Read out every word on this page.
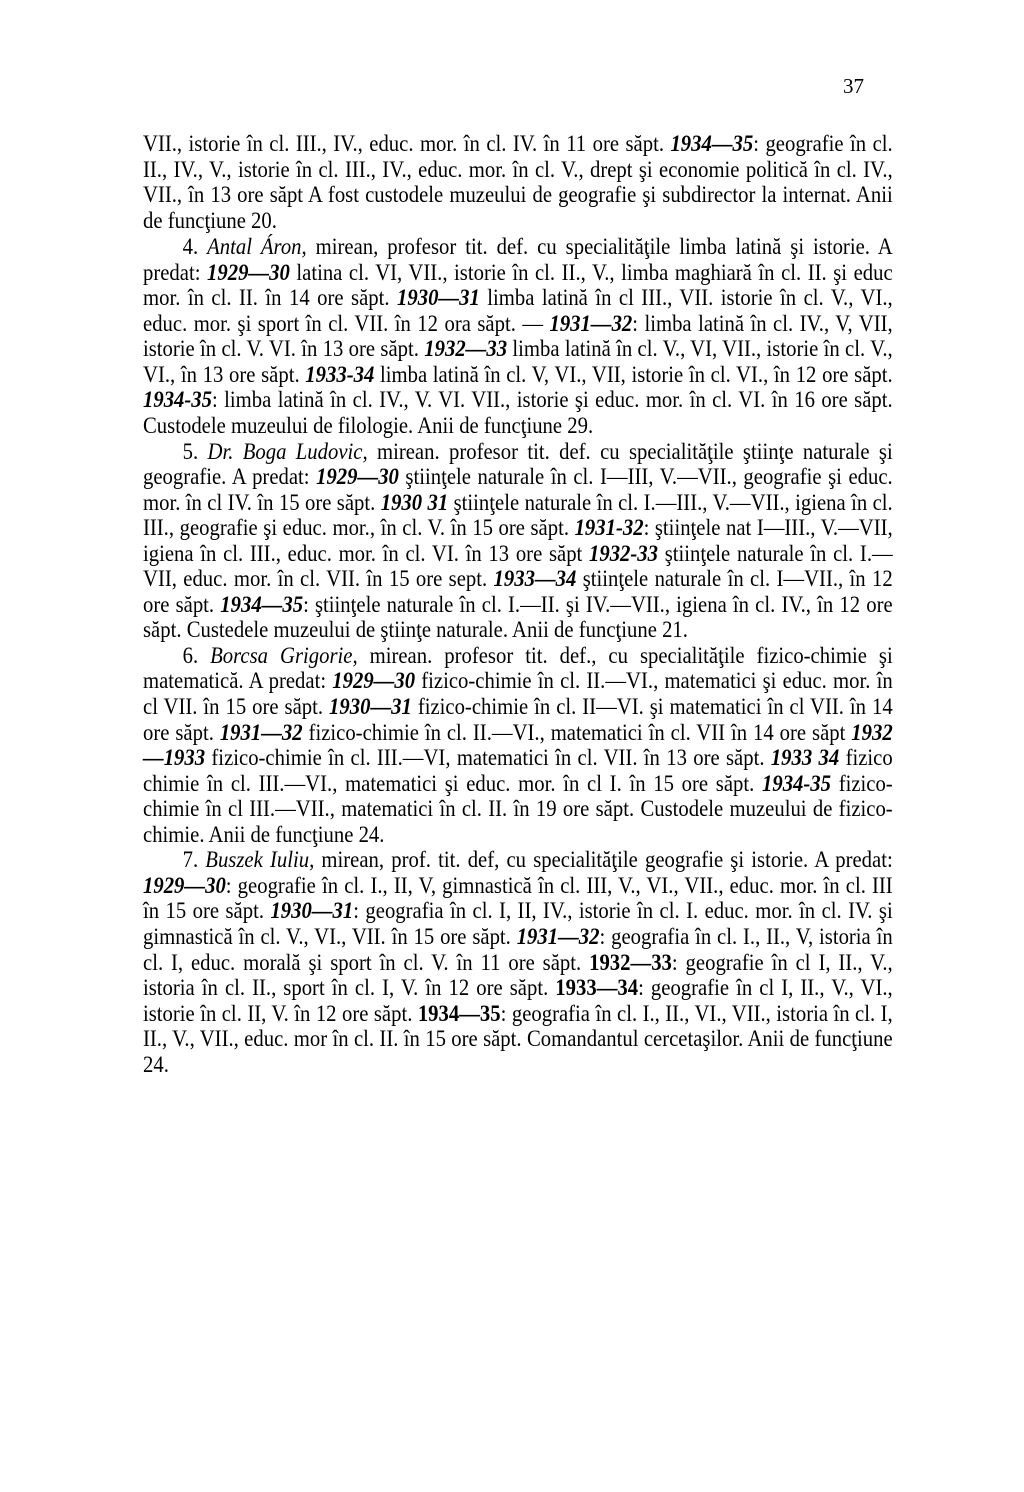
37

VII., istorie în cl. III., IV., educ. mor. în cl. IV. în 11 ore săpt. 1934—35: geografie în cl. II., IV., V., istorie în cl. III., IV., educ. mor. în cl. V., drept şi economie politică în cl. IV., VII., în 13 ore săpt A fost custodele muzeului de geografie şi subdirector la internat. Anii de funcţiune 20.

4. Antal Áron, mirean, profesor tit. def. cu specialităţile limba latină şi istorie. A predat: 1929—30 latina cl. VI, VII., istorie în cl. II., V., limba maghiară în cl. II. şi educ mor. în cl. II. în 14 ore săpt. 1930—31 limba latină în cl III., VII. istorie în cl. V., VI., educ. mor. şi sport în cl. VII. în 12 ora săpt. — 1931—32: limba latină în cl. IV., V, VII, istorie în cl. V. VI. în 13 ore săpt. 1932—33 limba latină în cl. V., VI, VII., istorie în cl. V., VI., în 13 ore săpt. 1933-34 limba latină în cl. V, VI., VII, istorie în cl. VI., în 12 ore săpt. 1934-35: limba latină în cl. IV., V. VI. VII., istorie şi educ. mor. în cl. VI. în 16 ore săpt. Custodele muzeului de filologie. Anii de funcţiune 29.

5. Dr. Boga Ludovic, mirean. profesor tit. def. cu specialităţile ştiinţe naturale şi geografie. A predat: 1929—30 ştiinţele naturale în cl. I—III, V.—VII., geografie şi educ. mor. în cl IV. în 15 ore săpt. 1930 31 ştiinţele naturale în cl. I.—III., V.—VII., igiena în cl. III., geografie şi educ. mor., în cl. V. în 15 ore săpt. 1931-32: ştiinţele nat I—III., V.—VII, igiena în cl. III., educ. mor. în cl. VI. în 13 ore săpt 1932-33 ştiinţele naturale în cl. I.—VII, educ. mor. în cl. VII. în 15 ore sept. 1933—34 ştiinţele naturale în cl. I—VII., în 12 ore săpt. 1934—35: ştiinţele naturale în cl. I.—II. şi IV.—VII., igiena în cl. IV., în 12 ore săpt. Custedele muzeului de ştiinţe naturale. Anii de funcţiune 21.

6. Borcsa Grigorie, mirean. profesor tit. def., cu specialităţile fizico-chimie şi matematică. A predat: 1929—30 fizico-chimie în cl. II.—VI., matematici şi educ. mor. în cl VII. în 15 ore săpt. 1930—31 fizico-chimie în cl. II—VI. şi matematici în cl VII. în 14 ore săpt. 1931—32 fizico-chimie în cl. II.—VI., matematici în cl. VII în 14 ore săpt 1932—1933 fizico-chimie în cl. III.—VI, matematici în cl. VII. în 13 ore săpt. 1933 34 fizico chimie în cl. III.—VI., matematici şi educ. mor. în cl I. în 15 ore săpt. 1934-35 fizico-chimie în cl III.—VII., matematici în cl. II. în 19 ore săpt. Custodele muzeului de fizico-chimie. Anii de funcţiune 24.

7. Buszek Iuliu, mirean, prof. tit. def, cu specialităţile geografie şi istorie. A predat: 1929—30: geografie în cl. I., II, V, gimnastică în cl. III, V., VI., VII., educ. mor. în cl. III în 15 ore săpt. 1930—31: geografia în cl. I, II, IV., istorie în cl. I. educ. mor. în cl. IV. şi gimnastică în cl. V., VI., VII. în 15 ore săpt. 1931—32: geografia în cl. I., II., V, istoria în cl. I, educ. morală şi sport în cl. V. în 11 ore săpt. 1932—33: geografie în cl I, II., V., istoria în cl. II., sport în cl. I, V. în 12 ore săpt. 1933—34: geografie în cl I, II., V., VI., istorie în cl. II, V. în 12 ore săpt. 1934—35: geografia în cl. I., II., VI., VII., istoria în cl. I, II., V., VII., educ. mor în cl. II. în 15 ore săpt. Comandantul cercetaşilor. Anii de funcţiune 24.
